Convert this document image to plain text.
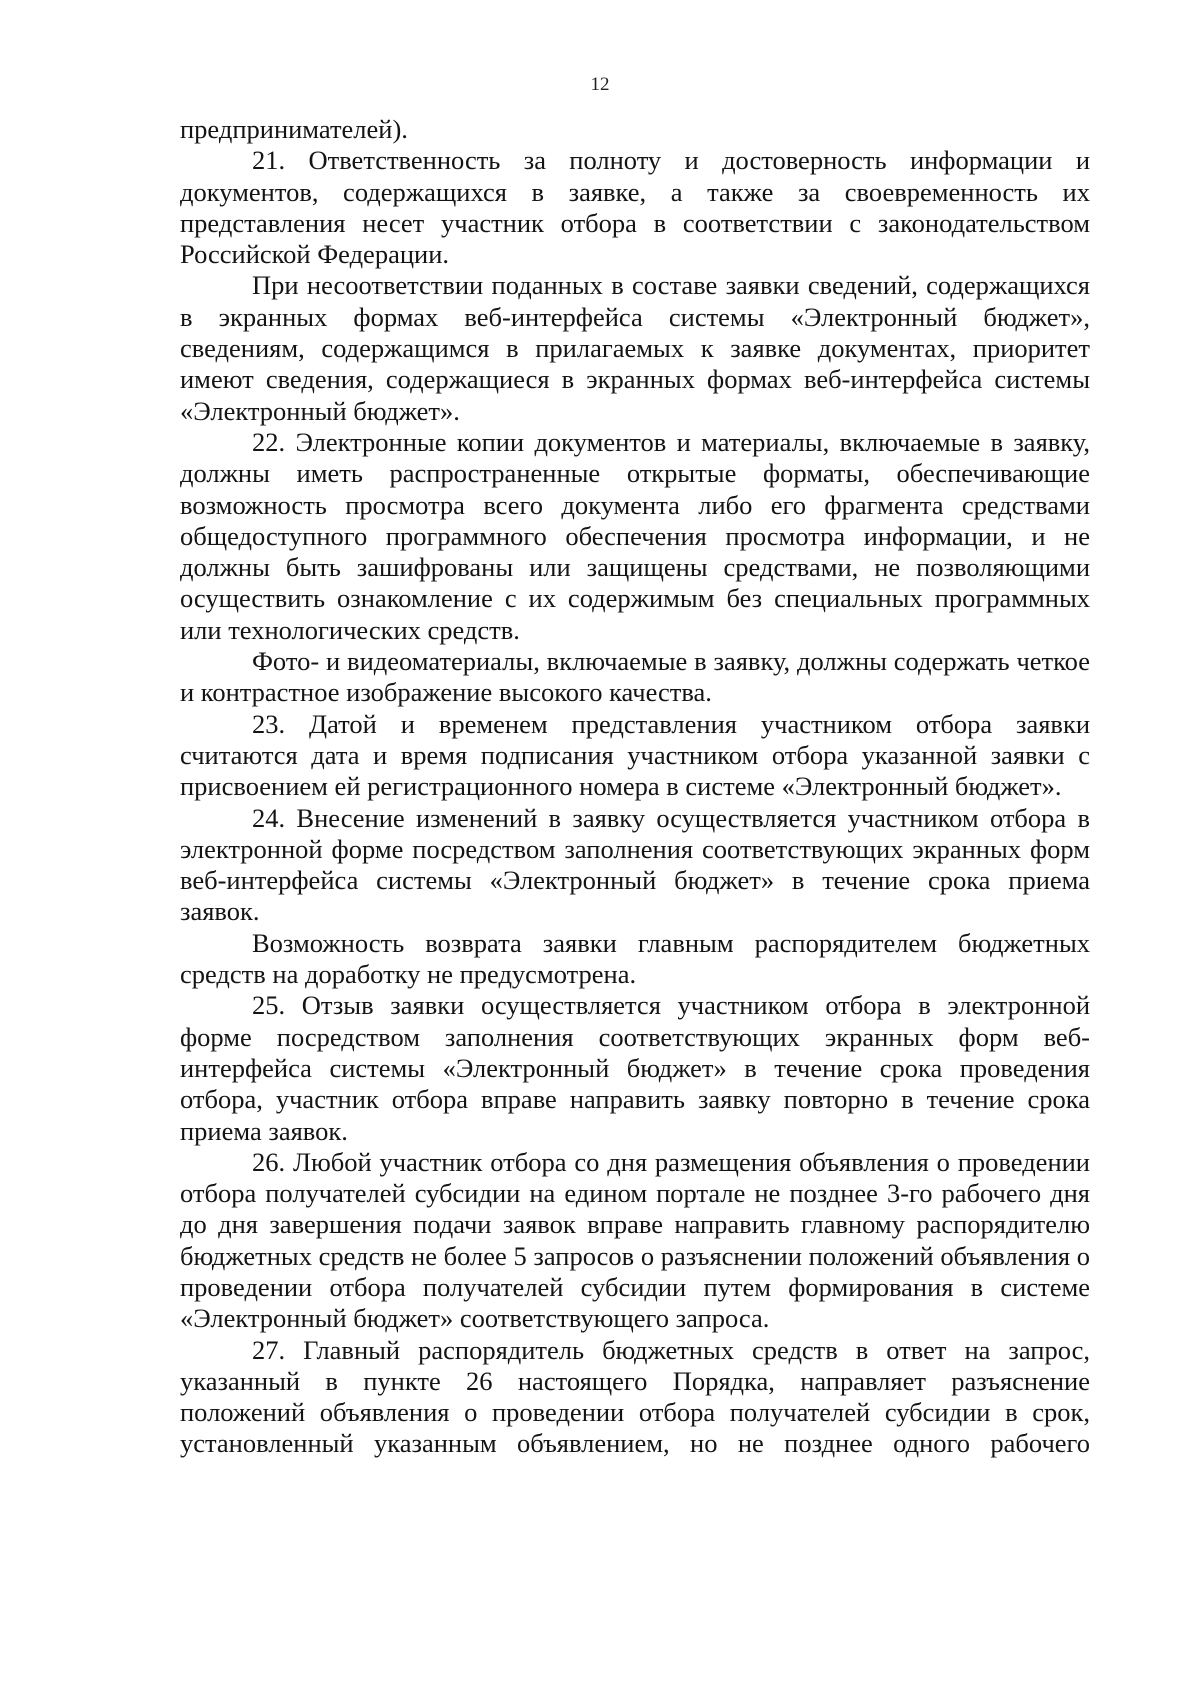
12

предпринимателей).

21. Ответственность за полноту и достоверность информации и документов, содержащихся в заявке, а также за своевременность их представления несет участник отбора в соответствии с законодательством Российской Федерации.

При несоответствии поданных в составе заявки сведений, содержащихся в экранных формах веб-интерфейса системы «Электронный бюджет», сведениям, содержащимся в прилагаемых к заявке документах, приоритет имеют сведения, содержащиеся в экранных формах веб-интерфейса системы «Электронный бюджет».

22. Электронные копии документов и материалы, включаемые в заявку, должны иметь распространенные открытые форматы, обеспечивающие возможность просмотра всего документа либо его фрагмента средствами общедоступного программного обеспечения просмотра информации, и не должны быть зашифрованы или защищены средствами, не позволяющими осуществить ознакомление с их содержимым без специальных программных или технологических средств.

Фото- и видеоматериалы, включаемые в заявку, должны содержать четкое и контрастное изображение высокого качества.

23. Датой и временем представления участником отбора заявки считаются дата и время подписания участником отбора указанной заявки с присвоением ей регистрационного номера в системе «Электронный бюджет».

24. Внесение изменений в заявку осуществляется участником отбора в электронной форме посредством заполнения соответствующих экранных форм веб-интерфейса системы «Электронный бюджет» в течение срока приема заявок.

Возможность возврата заявки главным распорядителем бюджетных средств на доработку не предусмотрена.

25. Отзыв заявки осуществляется участником отбора в электронной форме посредством заполнения соответствующих экранных форм веб-интерфейса системы «Электронный бюджет» в течение срока проведения отбора, участник отбора вправе направить заявку повторно в течение срока приема заявок.

26. Любой участник отбора со дня размещения объявления о проведении отбора получателей субсидии на едином портале не позднее 3-го рабочего дня до дня завершения подачи заявок вправе направить главному распорядителю бюджетных средств не более 5 запросов о разъяснении положений объявления о проведении отбора получателей субсидии путем формирования в системе «Электронный бюджет» соответствующего запроса.

27. Главный распорядитель бюджетных средств в ответ на запрос, указанный в пункте 26 настоящего Порядка, направляет разъяснение положений объявления о проведении отбора получателей субсидии в срок, установленный указанным объявлением, но не позднее одного рабочего
